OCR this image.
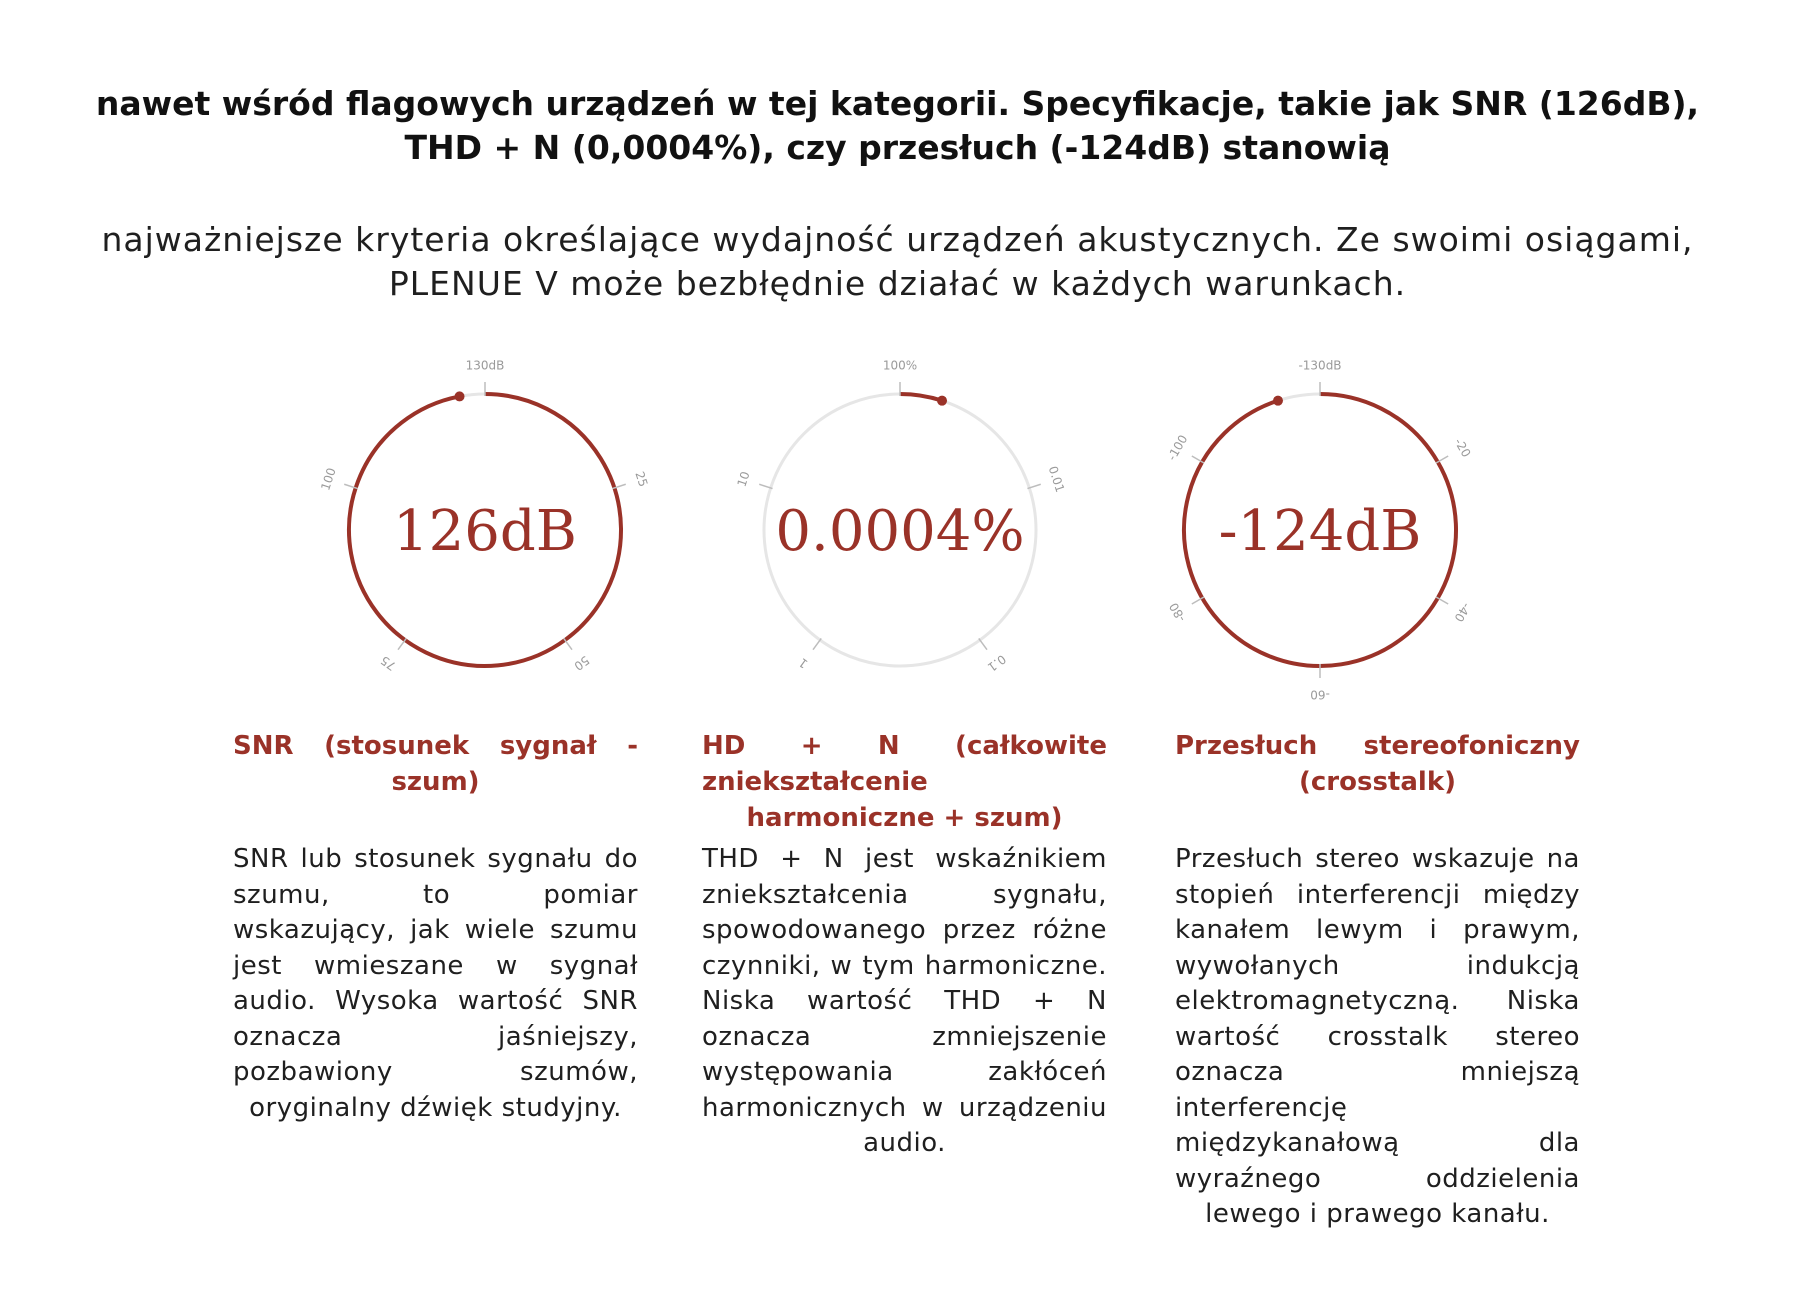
nawet wśród flagowych urządzeń w tej kategorii. Specyfikacje, takie jak SNR (126dB), THD + N (0,0004%), czy przesłuch (-124dB) stanowią

najważniejsze kryteria określające wydajność urządzeń akustycznych. Ze swoimi osiągami, PLENUE V może bezbłędnie działać w każdych warunkach.

130dB
25
50
75
100
126dB
100%
0.01
0.1
1
10
0.0004%
-130dB
-20
-40
-60
-80
-100
-124dB

SNR (stosunek sygnał - szum)

HD + N (całkowite zniekształcenie harmoniczne + szum)

Przesłuch stereofoniczny (crosstalk)

SNR lub stosunek sygnału do szumu, to pomiar wskazujący, jak wiele szumu jest wmieszane w sygnał audio. Wysoka wartość SNR oznacza jaśniejszy, pozbawiony szumów, oryginalny dźwięk studyjny.

THD + N jest wskaźnikiem zniekształcenia sygnału, spowodowanego przez różne czynniki, w tym harmoniczne. Niska wartość THD + N oznacza zmniejszenie występowania zakłóceń harmonicznych w urządzeniu audio.

Przesłuch stereo wskazuje na stopień interferencji między kanałem lewym i prawym, wywołanych indukcją elektromagnetyczną. Niska wartość crosstalk stereo oznacza mniejszą interferencję międzykanałową dla wyraźnego oddzielenia lewego i prawego kanału.
